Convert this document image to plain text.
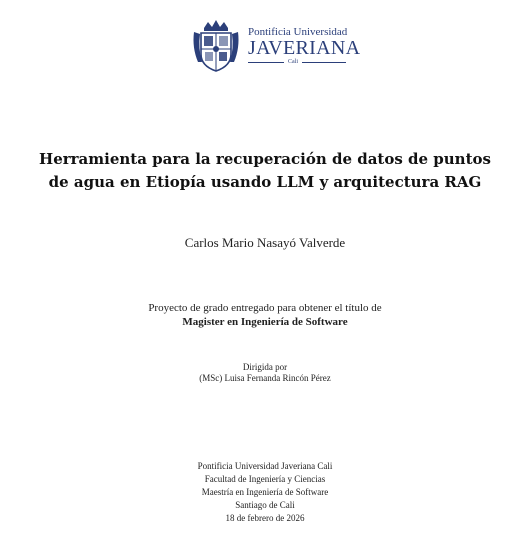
Pontificia Universidad
JAVERIANA
Cali
Herramienta para la recuperación de datos de puntos
de agua en Etiopía usando LLM y arquitectura RAG
Carlos Mario Nasayó Valverde
Proyecto de grado entregado para obtener el título de
Magister en Ingeniería de Software
Dirigida por
(MSc) Luisa Fernanda Rincón Pérez
Pontificia Universidad Javeriana Cali
Facultad de Ingeniería y Ciencias
Maestría en Ingeniería de Software
Santiago de Cali
18 de febrero de 2026
